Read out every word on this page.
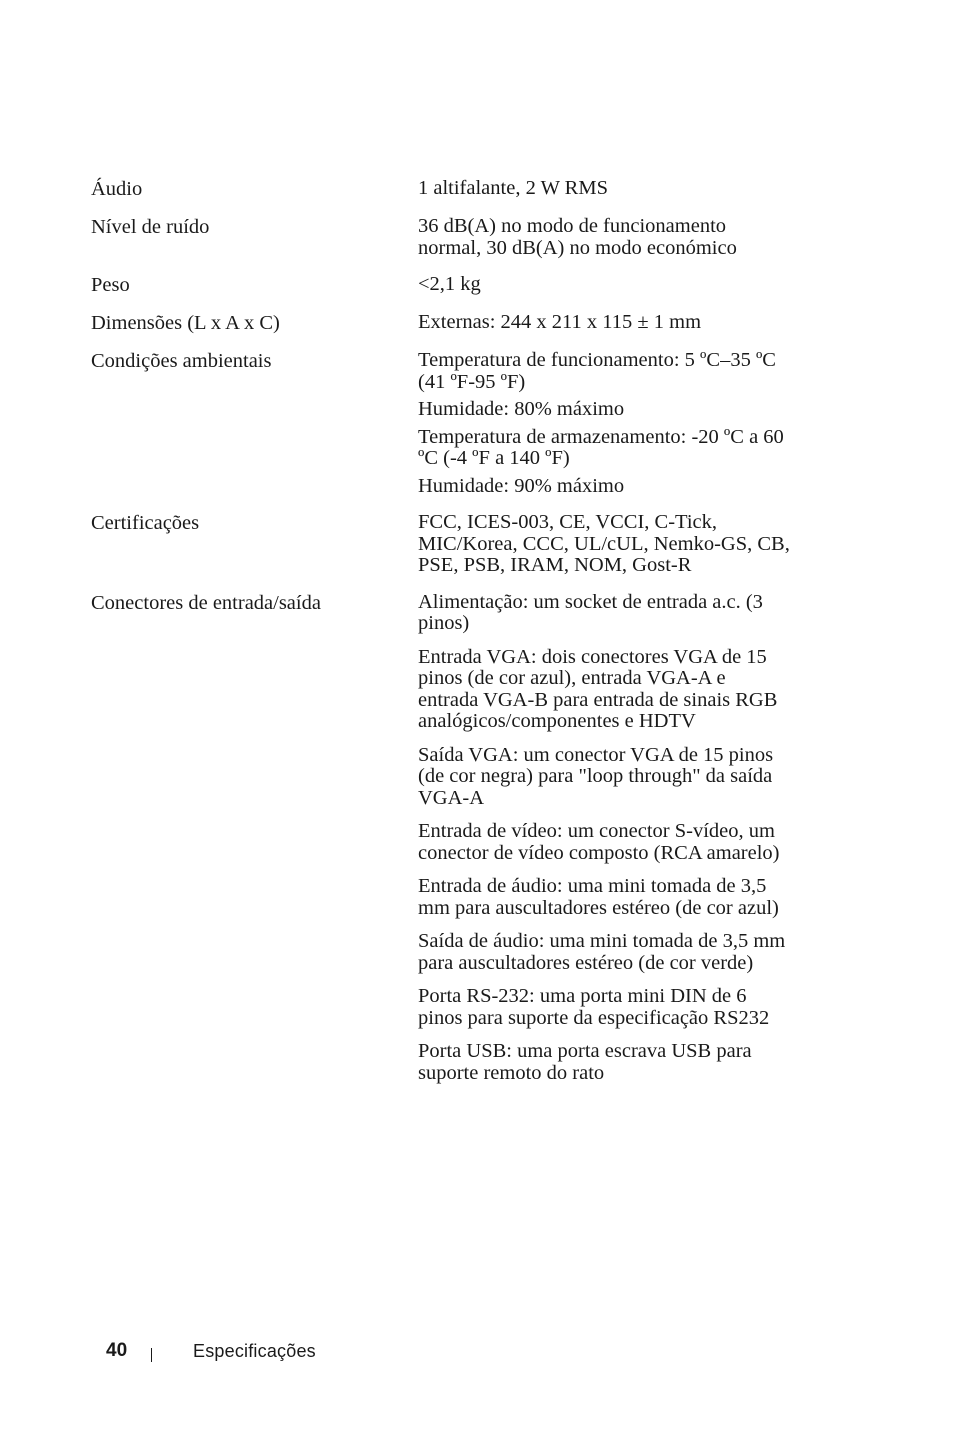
Áudio	1 altifalante, 2 W RMS
Nível de ruído	36 dB(A) no modo de funcionamento normal, 30 dB(A) no modo económico
Peso	<2,1 kg
Dimensões (L x A x C)	Externas: 244 x 211 x 115 ± 1 mm
Condições ambientais	Temperatura de funcionamento: 5 ºC–35 ºC (41 ºF-95 ºF)
Humidade: 80% máximo
Temperatura de armazenamento: -20 ºC a 60 ºC (-4 ºF a 140 ºF)
Humidade: 90% máximo
Certificações	FCC, ICES-003, CE, VCCI, C-Tick, MIC/Korea, CCC, UL/cUL, Nemko-GS, CB, PSE, PSB, IRAM, NOM, Gost-R
Conectores de entrada/saída	Alimentação: um socket de entrada a.c. (3 pinos)
Entrada VGA: dois conectores VGA de 15 pinos (de cor azul), entrada VGA-A e entrada VGA-B para entrada de sinais RGB analógicos/componentes e HDTV
Saída VGA: um conector VGA de 15 pinos (de cor negra) para "loop through" da saída VGA-A
Entrada de vídeo: um conector S-vídeo, um conector de vídeo composto (RCA amarelo)
Entrada de áudio: uma mini tomada de 3,5 mm para auscultadores estéreo (de cor azul)
Saída de áudio: uma mini tomada de 3,5 mm para auscultadores estéreo (de cor verde)
Porta RS-232: uma porta mini DIN de 6 pinos para suporte da especificação RS232
Porta USB: uma porta escrava USB para suporte remoto do rato
40	Especificações
